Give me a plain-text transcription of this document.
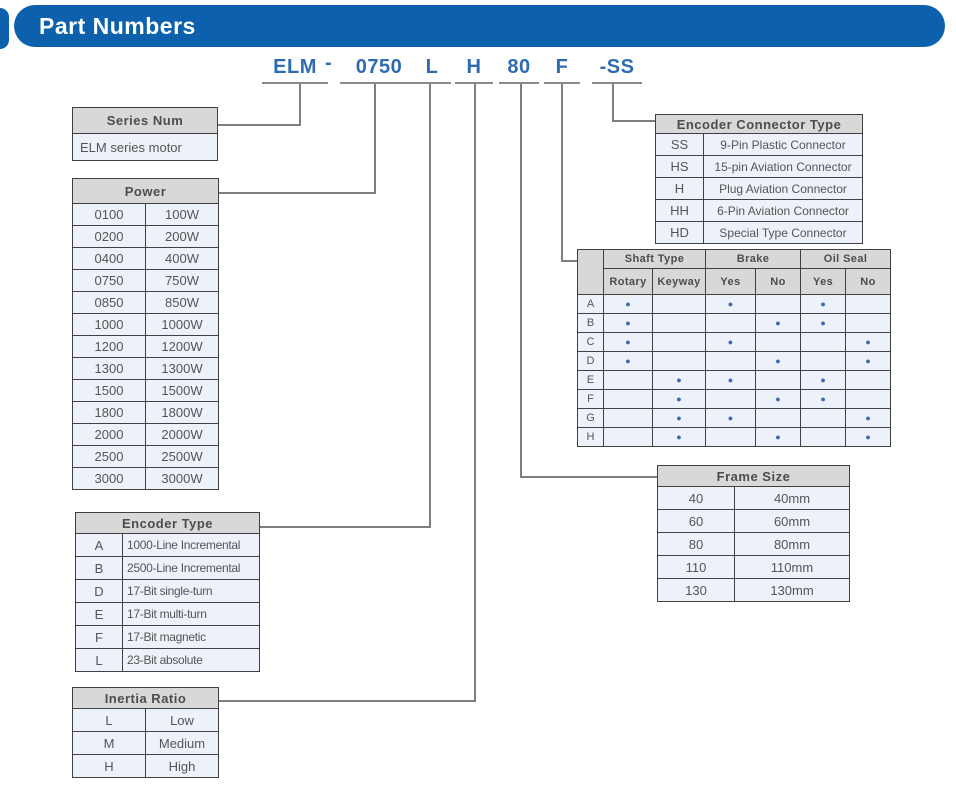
Part Numbers
ELM -	0750	L	H	80	F	-SS
Series Num
ELM series motor
Power	
0100	100W
0200	200W
0400	400W
0750	750W
0850	850W
1000	1000W
1200	1200W
1300	1300W
1500	1500W
1800	1800W
2000	2000W
2500	2500W
3000	3000W
Encoder Type	
A	1000-Line Incremental
B	2500-Line Incremental
D	17-Bit single-turn
E	17-Bit multi-turn
F	17-Bit magnetic
L	23-Bit absolute
Inertia Ratio	
L	Low
M	Medium
H	High
Encoder Connector Type	
SS	9-Pin Plastic Connector
HS	15-pin Aviation Connector
H	Plug Aviation Connector
HH	6-Pin Aviation Connector
HD	Special Type Connector
	Shaft Type		Brake		Oil Seal	
	Rotary	Keyway	Yes	No	Yes	No
A	●		●		●	
B	●			●	●	
C	●		●			●
D	●			●		●
E		●	●		●	
F		●		●	●	
G		●	●			●
H		●		●		●
Frame Size	
40	40mm
60	60mm
80	80mm
110	110mm
130	130mm
